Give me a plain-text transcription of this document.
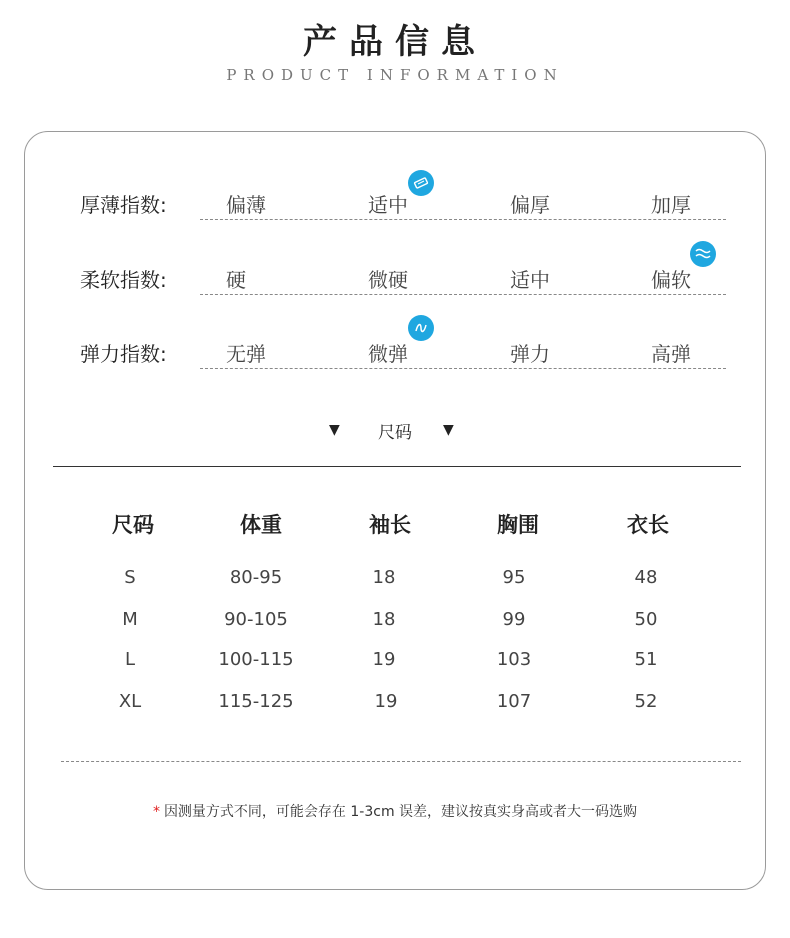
产品信息
PRODUCT INFORMATION
厚薄指数:	偏薄	适中	偏厚	加厚
柔软指数:	硬	微硬	适中	偏软
弹力指数:	无弹	微弹	弹力	高弹
▼	尺码	▼
尺码	体重	袖长	胸围	衣长
S	80-95	18	95	48
M	90-105	18	99	50
L	100-115	19	103	51
XL	115-125	19	107	52
* 因测量方式不同，可能会存在 1-3cm 误差，建议按真实身高或者大一码选购
